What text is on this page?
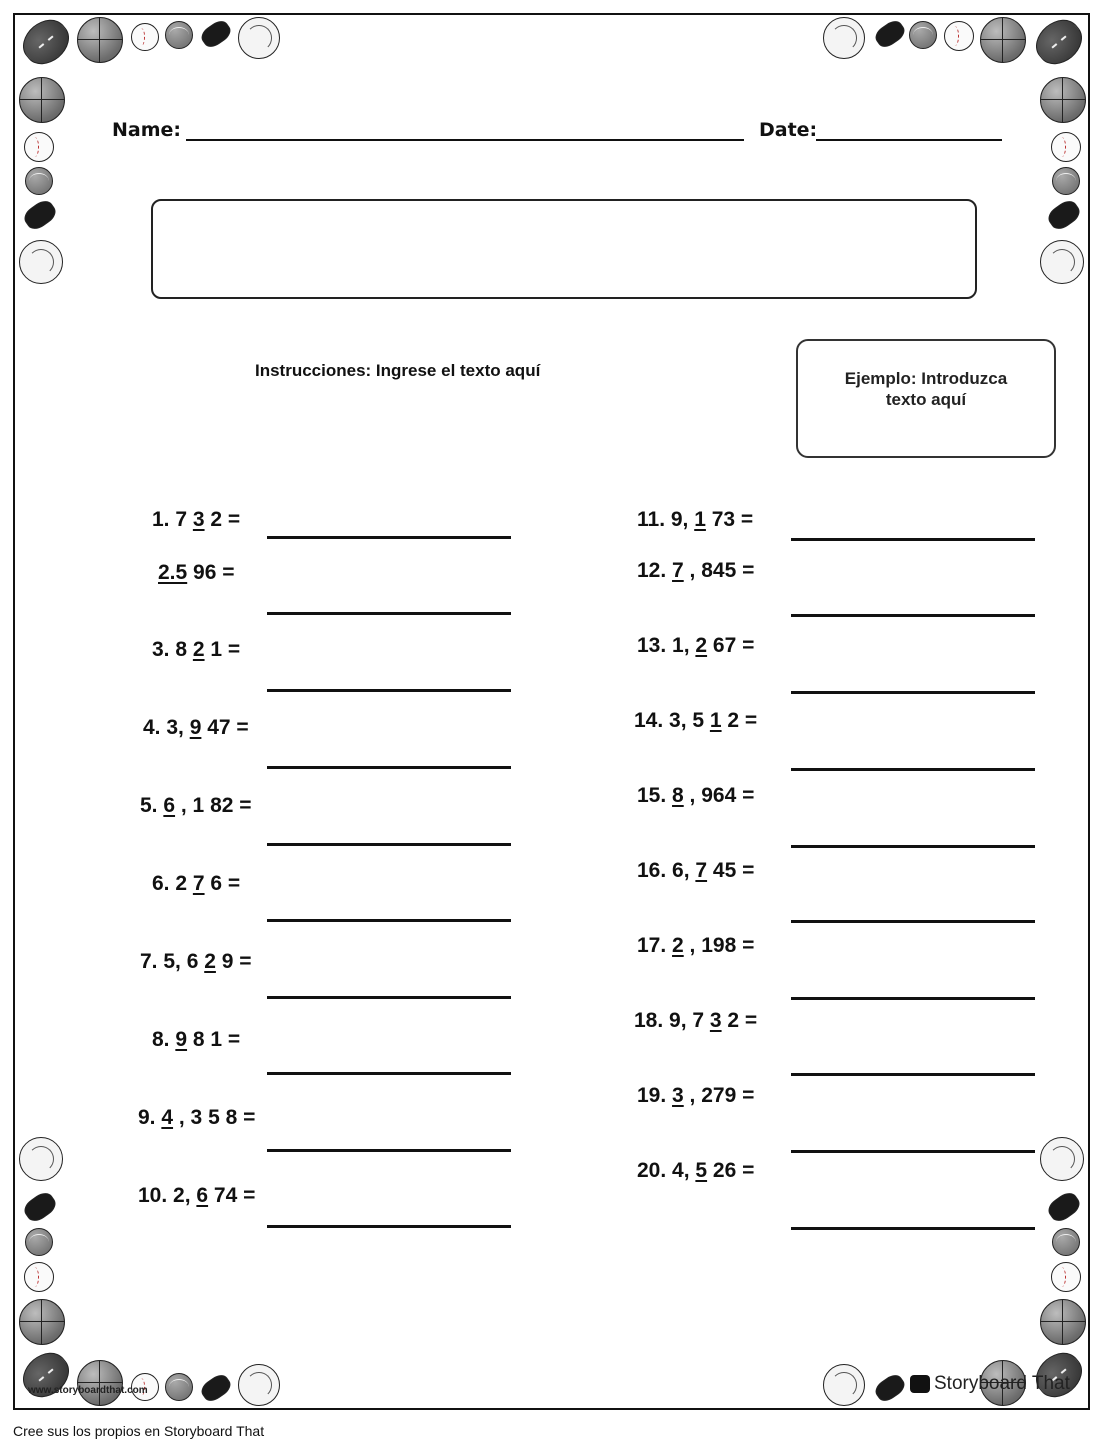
Name:	Date:
Instrucciones: Ingrese el texto aquí	Ejemplo: Introduzca
texto aquí
1. 7 3 2 =
2.5 96 =
3. 8 2 1 =
4. 3, 9 47 =
5. 6 , 1 82 =
6. 2 7 6 =
7. 5, 6 2 9 =
8. 9 8 1 =
9. 4 , 3 5 8 =
10. 2, 6 74 =
11. 9, 1 73 =
12. 7 , 845 =
13. 1, 2 67 =
14. 3, 5 1 2 =
15. 8 , 964 =
16. 6, 7 45 =
17. 2 , 198 =
18. 9, 7 3 2 =
19. 3 , 279 =
20. 4, 5 26 =
www.storyboardthat.com	Storyboard That
Cree sus los propios en Storyboard That
